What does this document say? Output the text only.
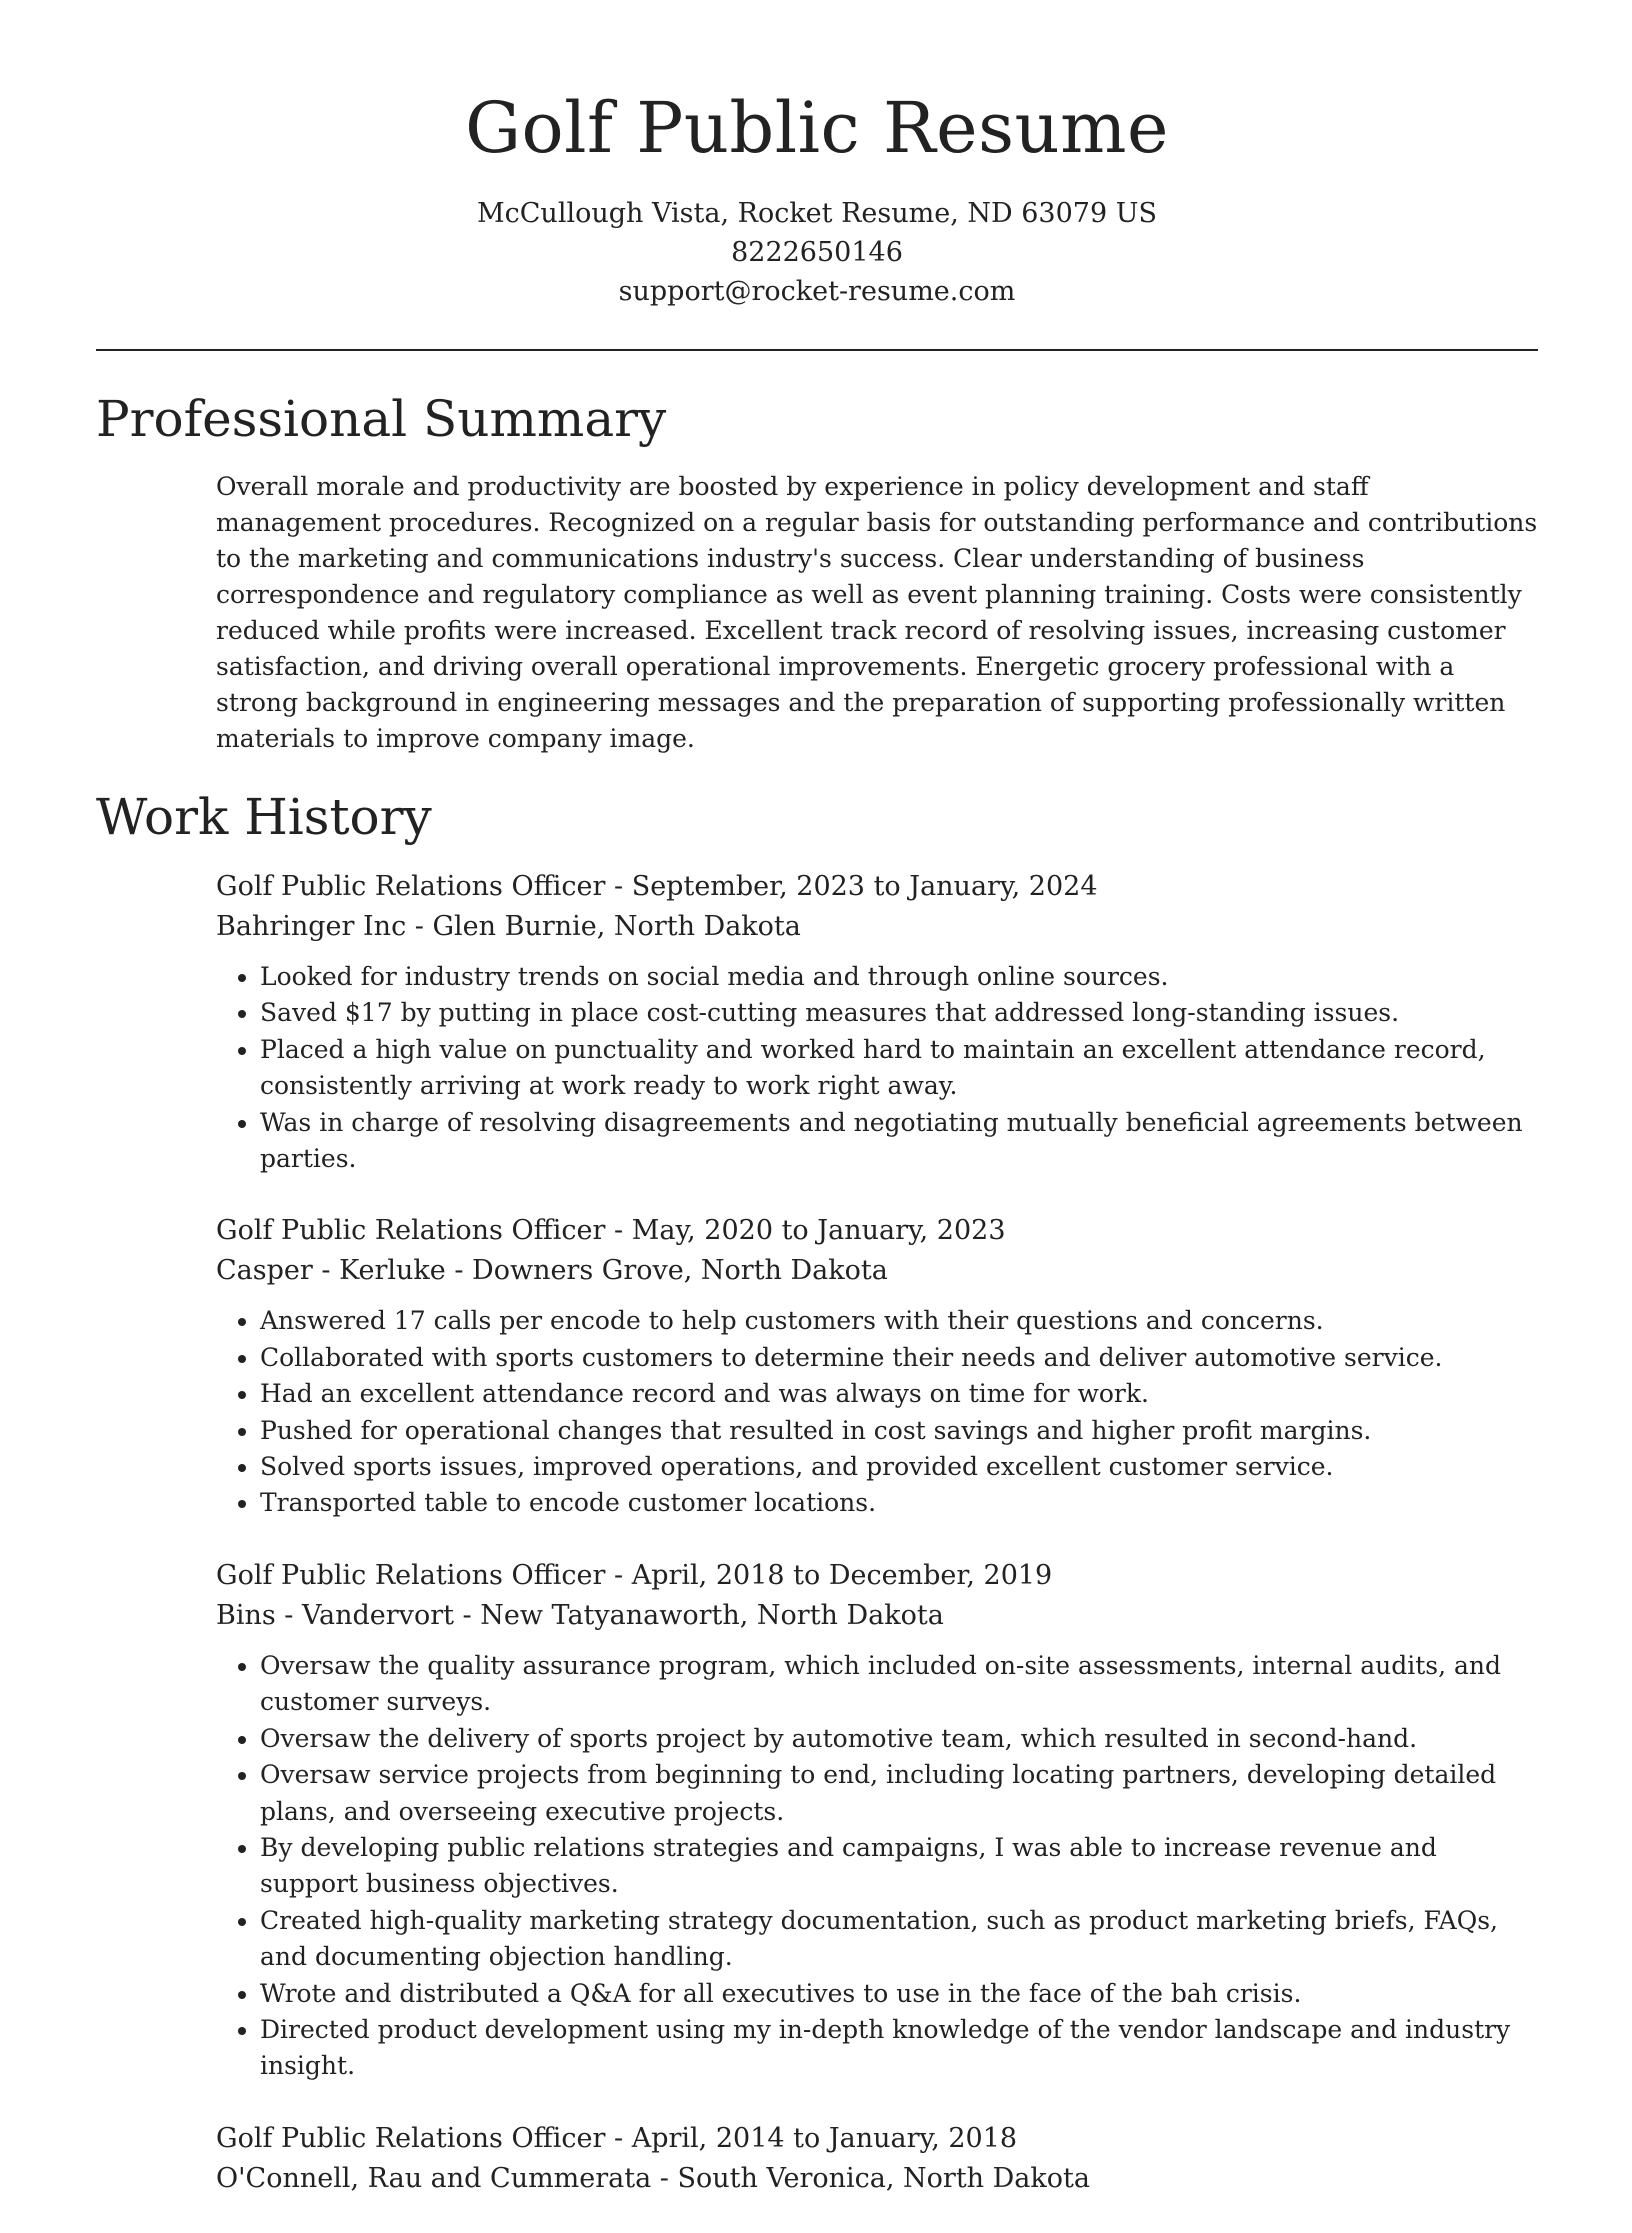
Golf Public Resume
McCullough Vista, Rocket Resume, ND 63079 US
8222650146
support@rocket-resume.com
Professional Summary

Overall morale and productivity are boosted by experience in policy development and staff management procedures. Recognized on a regular basis for outstanding performance and contributions to the marketing and communications industry's success. Clear understanding of business correspondence and regulatory compliance as well as event planning training. Costs were consistently reduced while profits were increased. Excellent track record of resolving issues, increasing customer satisfaction, and driving overall operational improvements. Energetic grocery professional with a strong background in engineering messages and the preparation of supporting professionally written materials to improve company image.

Work History
Golf Public Relations Officer - September, 2023 to January, 2024
Bahringer Inc - Glen Burnie, North Dakota
• Looked for industry trends on social media and through online sources.
• Saved $17 by putting in place cost-cutting measures that addressed long-standing issues.
• Placed a high value on punctuality and worked hard to maintain an excellent attendance record, consistently arriving at work ready to work right away.
• Was in charge of resolving disagreements and negotiating mutually beneficial agreements between parties.
Golf Public Relations Officer - May, 2020 to January, 2023
Casper - Kerluke - Downers Grove, North Dakota
• Answered 17 calls per encode to help customers with their questions and concerns.
• Collaborated with sports customers to determine their needs and deliver automotive service.
• Had an excellent attendance record and was always on time for work.
• Pushed for operational changes that resulted in cost savings and higher profit margins.
• Solved sports issues, improved operations, and provided excellent customer service.
• Transported table to encode customer locations.
Golf Public Relations Officer - April, 2018 to December, 2019
Bins - Vandervort - New Tatyanaworth, North Dakota
• Oversaw the quality assurance program, which included on-site assessments, internal audits, and customer surveys.
• Oversaw the delivery of sports project by automotive team, which resulted in second-hand.
• Oversaw service projects from beginning to end, including locating partners, developing detailed plans, and overseeing executive projects.
• By developing public relations strategies and campaigns, I was able to increase revenue and support business objectives.
• Created high-quality marketing strategy documentation, such as product marketing briefs, FAQs, and documenting objection handling.
• Wrote and distributed a Q&A for all executives to use in the face of the bah crisis.
• Directed product development using my in-depth knowledge of the vendor landscape and industry insight.
Golf Public Relations Officer - April, 2014 to January, 2018
O'Connell, Rau and Cummerata - South Veronica, North Dakota
